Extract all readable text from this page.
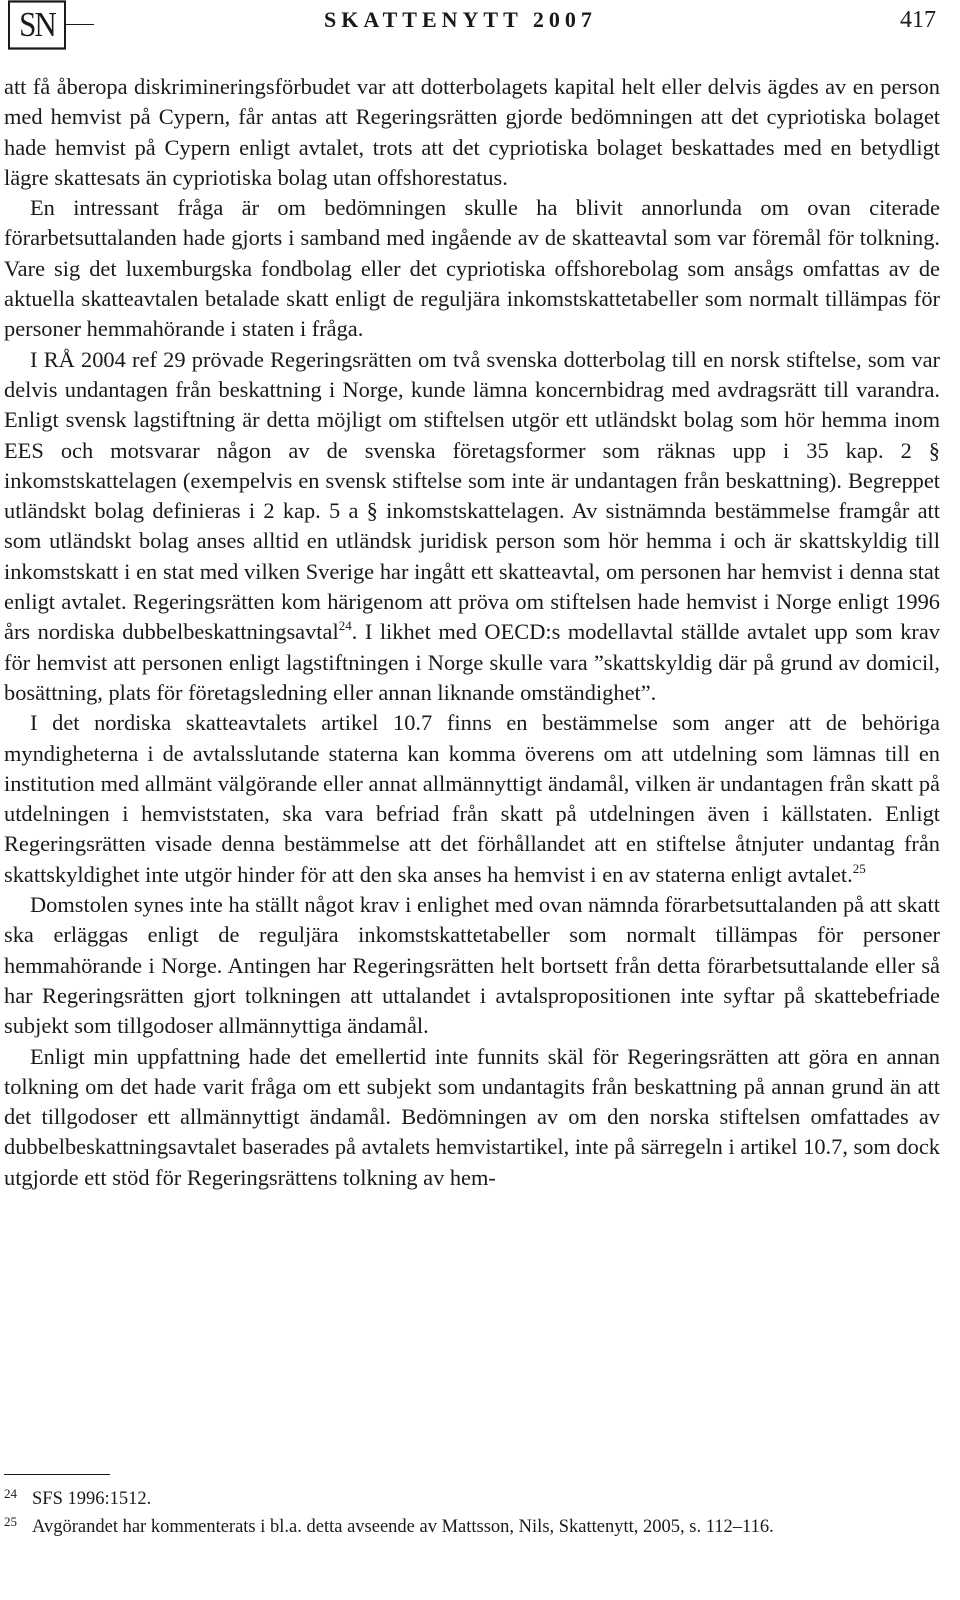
SN	SKATTENYTT 2007	417

att få åberopa diskrimineringsförbudet var att dotterbolagets kapital helt eller delvis ägdes av en person med hemvist på Cypern, får antas att Regeringsrätten gjorde bedömningen att det cypriotiska bolaget hade hemvist på Cypern enligt avtalet, trots att det cypriotiska bolaget beskattades med en betydligt lägre skattesats än cypriotiska bolag utan offshorestatus.

En intressant fråga är om bedömningen skulle ha blivit annorlunda om ovan citerade förarbetsuttalanden hade gjorts i samband med ingående av de skatteavtal som var föremål för tolkning. Vare sig det luxemburgska fondbolag eller det cypriotiska offshorebolag som ansågs omfattas av de aktuella skatteavtalen betalade skatt enligt de reguljära inkomstskattetabeller som normalt tillämpas för personer hemmahörande i staten i fråga.

I RÅ 2004 ref 29 prövade Regeringsrätten om två svenska dotterbolag till en norsk stiftelse, som var delvis undantagen från beskattning i Norge, kunde lämna koncernbidrag med avdragsrätt till varandra. Enligt svensk lagstiftning är detta möjligt om stiftelsen utgör ett utländskt bolag som hör hemma inom EES och motsvarar någon av de svenska företagsformer som räknas upp i 35 kap. 2 § inkomstskattelagen (exempelvis en svensk stiftelse som inte är undantagen från beskattning). Begreppet utländskt bolag definieras i 2 kap. 5 a § inkomstskattelagen. Av sistnämnda bestämmelse framgår att som utländskt bolag anses alltid en utländsk juridisk person som hör hemma i och är skattskyldig till inkomstskatt i en stat med vilken Sverige har ingått ett skatteavtal, om personen har hemvist i denna stat enligt avtalet. Regeringsrätten kom härigenom att pröva om stiftelsen hade hemvist i Norge enligt 1996 års nordiska dubbelbeskattningsavtal$^{24}$. I likhet med OECD:s modellavtal ställde avtalet upp som krav för hemvist att personen enligt lagstiftningen i Norge skulle vara ”skattskyldig där på grund av domicil, bosättning, plats för företagsledning eller annan liknande omständighet”.

I det nordiska skatteavtalets artikel 10.7 finns en bestämmelse som anger att de behöriga myndigheterna i de avtalsslutande staterna kan komma överens om att utdelning som lämnas till en institution med allmänt välgörande eller annat allmännyttigt ändamål, vilken är undantagen från skatt på utdelningen i hemviststaten, ska vara befriad från skatt på utdelningen även i källstaten. Enligt Regeringsrätten visade denna bestämmelse att det förhållandet att en stiftelse åtnjuter undantag från skattskyldighet inte utgör hinder för att den ska anses ha hemvist i en av staterna enligt avtalet.$^{25}$

Domstolen synes inte ha ställt något krav i enlighet med ovan nämnda förarbetsuttalanden på att skatt ska erläggas enligt de reguljära inkomstskattetabeller som normalt tillämpas för personer hemmahörande i Norge. Antingen har Regeringsrätten helt bortsett från detta förarbetsuttalande eller så har Regeringsrätten gjort tolkningen att uttalandet i avtalspropositionen inte syftar på skattebefriade subjekt som tillgodoser allmännyttiga ändamål.

Enligt min uppfattning hade det emellertid inte funnits skäl för Regeringsrätten att göra en annan tolkning om det hade varit fråga om ett subjekt som undantagits från beskattning på annan grund än att det tillgodoser ett allmännyttigt ändamål. Bedömningen av om den norska stiftelsen omfattades av dubbelbeskattningsavtalet baserades på avtalets hemvistartikel, inte på särregeln i artikel 10.7, som dock utgjorde ett stöd för Regeringsrättens tolkning av hem-

24 SFS 1996:1512.
25 Avgörandet har kommenterats i bl.a. detta avseende av Mattsson, Nils, Skattenytt, 2005, s. 112–116.
